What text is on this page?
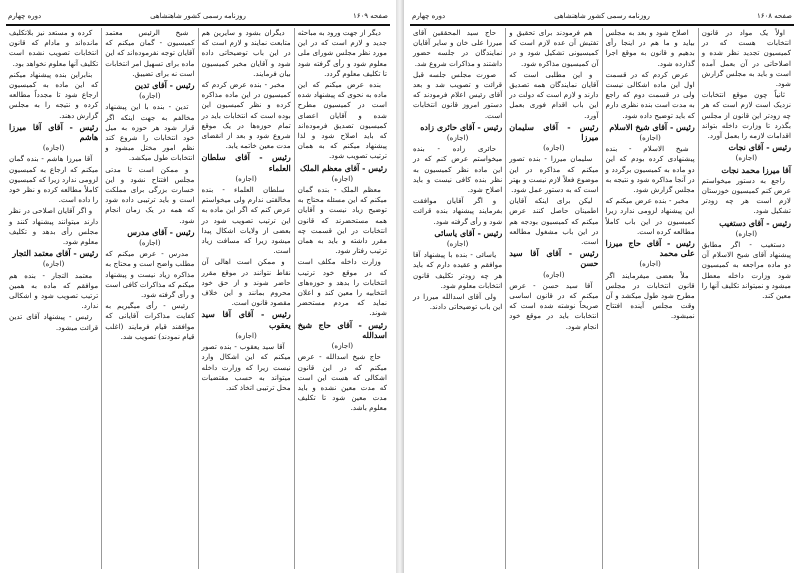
صفحه ۱۶۰۹
روزنامه رسمی کشور شاهنشاهی
دوره چهارم

دیگر از جهت ورود به مباحثه جدید و لازم است که در این مورد نظر مجلس شورای ملی معلوم شود و رأی گرفته شود تا تکلیف معلوم گردد.

بنده عرض میکنم که این ماده به نحوی که پیشنهاد شده است در کمیسیون مطرح شده و آقایان اعضای کمیسیون تصدیق فرموده‌اند که باید اصلاح شود و لذا پیشنهاد میکنم که به همان ترتیب تصویب شود.

رئیس - آقای معظم الملک

(اجازه)

معظم الملک - بنده گمان میکنم که این مسئله محتاج به توضیح زیاد نیست و آقایان همه مستحضرند که قانون انتخابات در این قسمت چه مقرر داشته و باید به همان ترتیب رفتار شود.

وزارت داخله مکلف است که در موقع خود ترتیب انتخابات را بدهد و حوزه‌های انتخابیه را معین کند و اعلان نماید که مردم مستحضر شوند.

رئیس - آقای حاج شیخ اسدالله

(اجازه)

حاج شیخ اسدالله - عرض میکنم که در این قانون اشکالی که هست این است که مدت معین نشده و باید مدت معین شود تا تکلیف معلوم باشد.

دیگران بشود و سایرین هم متابعت نمایند و لازم است که در این باب توضیحاتی داده شود و آقایان مخبر کمیسیون بیان فرمایند.

مخبر - بنده عرض کردم که کمیسیون در این ماده مذاکره کرده و نظر کمیسیون این بوده است که انتخابات باید در تمام حوزه‌ها در یک موقع شروع شود و بعد از انقضای مدت معین خاتمه یابد.

رئیس - آقای سلطان العلماء

(اجازه)

سلطان العلماء - بنده مخالفتی ندارم ولی میخواستم عرض کنم که اگر این ماده به این ترتیب تصویب شود در بعضی از ولایات اشکال پیدا میشود زیرا که مسافت زیاد است.

و ممکن است اهالی آن نقاط نتوانند در موقع مقرر حاضر شوند و از حق خود محروم بمانند و این خلاف مقصود قانون است.

رئیس - آقای آقا سید یعقوب

(اجازه)

آقا سید یعقوب - بنده تصور میکنم که این اشکال وارد نیست زیرا که وزارت داخله میتواند به حسب مقتضیات محل ترتیبی اتخاذ کند.

شیخ الرئیس معتمد کمیسیون - گمان میکنم که آقایان توجه نفرموده‌اند که این ماده برای تسهیل امر انتخابات است نه برای تضییق.

رئیس - آقای تدین

(اجازه)

تدین - بنده با این پیشنهاد مخالفم به جهت اینکه اگر قرار شود هر حوزه به میل خود انتخابات را شروع کند نظم امور مختل میشود و انتخابات طول میکشد.

و ممکن است تا مدتی مجلس افتتاح نشود و این خسارت بزرگی برای مملکت است و باید ترتیبی داده شود که همه در یک زمان انجام شود.

رئیس - آقای مدرس

(اجازه)

مدرس - عرض میکنم که مطلب واضح است و محتاج به مذاکره زیاد نیست و پیشنهاد میکنم که مذاکرات کافی است و رأی گرفته شود.

رئیس - رأی میگیریم به کفایت مذاکرات آقایانی که موافقند قیام فرمایند (اغلب قیام نمودند) تصویب شد.

کرده و مستعد نیز بلاتکلیف مانده‌اند و مادام که قانون انتخابات تصویب نشده است تکلیف آنها معلوم نخواهد بود.

بنابراین بنده پیشنهاد میکنم که این ماده به کمیسیون ارجاع شود تا مجدداً مطالعه کرده و نتیجه را به مجلس گزارش دهند.

رئیس - آقای آقا میرزا هاشم

(اجازه)

آقا میرزا هاشم - بنده گمان میکنم که ارجاع به کمیسیون لزومی ندارد زیرا که کمیسیون کاملاً مطالعه کرده و نظر خود را داده است.

و اگر آقایان اصلاحی در نظر دارند میتوانند پیشنهاد کنند و مجلس رأی بدهد و تکلیف معلوم شود.

رئیس - آقای معتمد التجار

(اجازه)

معتمد التجار - بنده هم موافقم که ماده به همین ترتیب تصویب شود و اشکالی ندارد.

رئیس - پیشنهاد آقای تدین قرائت میشود.

صفحه ۱۶۰۸
روزنامه رسمی کشور شاهنشاهی
دوره چهارم

اولاً یک مواد در قانون انتخابات هست که در کمیسیون تجدید نظر شده و اصلاحاتی در آن بعمل آمده است و باید به مجلس گزارش شود.

ثانیاً چون موقع انتخابات نزدیک است لازم است که هر چه زودتر این قانون از مجلس بگذرد تا وزارت داخله بتواند اقدامات لازمه را بعمل آورد.

رئیس - آقای نجات

(اجازه)

آقا میرزا محمد نجات

راجع به دستور میخواستم عرض کنم کمیسیون خوزستان لازم است هر چه زودتر تشکیل شود.

رئیس - آقای دستغیب

(اجازه)

دستغیب - اگر مطابق پیشنهاد آقای شیخ الاسلام آن دو ماده مراجعه به کمیسیون شود وزارت داخله معطل میشود و نمیتواند تکلیف آنها را معین کند.

اصلاح شود و بعد به مجلس بیاید و ما هم در اینجا رأی بدهیم و قانون به موقع اجرا گذارده شود.

عرض کردم که در قسمت اول این ماده اشکالی نیست ولی در قسمت دوم که راجع به مدت است بنده نظری دارم که باید توضیح داده شود.

رئیس - آقای شیخ الاسلام

(اجازه)

شیخ الاسلام - بنده پیشنهادی کرده بودم که این دو ماده به کمیسیون برگردد و در آنجا مذاکره شود و نتیجه به مجلس گزارش شود.

مخبر - بنده عرض میکنم که این پیشنهاد لزومی ندارد زیرا کمیسیون در این باب کاملاً مطالعه کرده است.

رئیس - آقای حاج میرزا علی محمد

(اجازه)

ملاً بعضی میفرمایند اگر قانون انتخابات در مجلس مطرح شود طول میکشد و آن وقت مجلس آینده افتتاح نمیشود.

هم فرمودند برای تحقیق و تفتیش آن عده لازم است که کمیسیونی تشکیل شود و در آن کمیسیون مذاکره شود.

و این مطلبی است که آقایان نمایندگان همه تصدیق دارند و لازم است که دولت در این باب اقدام فوری بعمل آورد.

رئیس - آقای سلیمان میرزا

(اجازه)

سلیمان میرزا - بنده تصور میکنم که مذاکره در این موضوع فعلاً لازم نیست و بهتر است که به دستور عمل شود.

لیکن برای اینکه آقایان اطمینان حاصل کنند عرض میکنم که کمیسیون بودجه هم در این باب مشغول مطالعه است.

رئیس - آقای آقا سید حسن

(اجازه)

آقا سید حسن - عرض میکنم که در قانون اساسی صریحاً نوشته شده است که انتخابات باید در موقع خود انجام شود.

حاج سید المحققین آقای میرزا علی خان و سایر آقایان نمایندگان در جلسه حضور داشتند و مذاکرات شروع شد.

صورت مجلس جلسه قبل قرائت و تصویب شد و بعد آقای رئیس اعلام فرمودند که دستور امروز قانون انتخابات است.

رئیس - آقای حائری زاده

(اجازه)

حائری زاده - بنده میخواستم عرض کنم که در این ماده نظر کمیسیون به نظر بنده کافی نیست و باید اصلاح شود.

و اگر آقایان موافقت بفرمایند پیشنهاد بنده قرائت شود و رأی گرفته شود.

رئیس - آقای یاسائی

(اجازه)

یاسائی - بنده با پیشنهاد آقا موافقم و عقیده دارم که باید هر چه زودتر تکلیف قانون انتخابات معلوم شود.

ولی آقای اسدالله میرزا در این باب توضیحاتی دادند.
